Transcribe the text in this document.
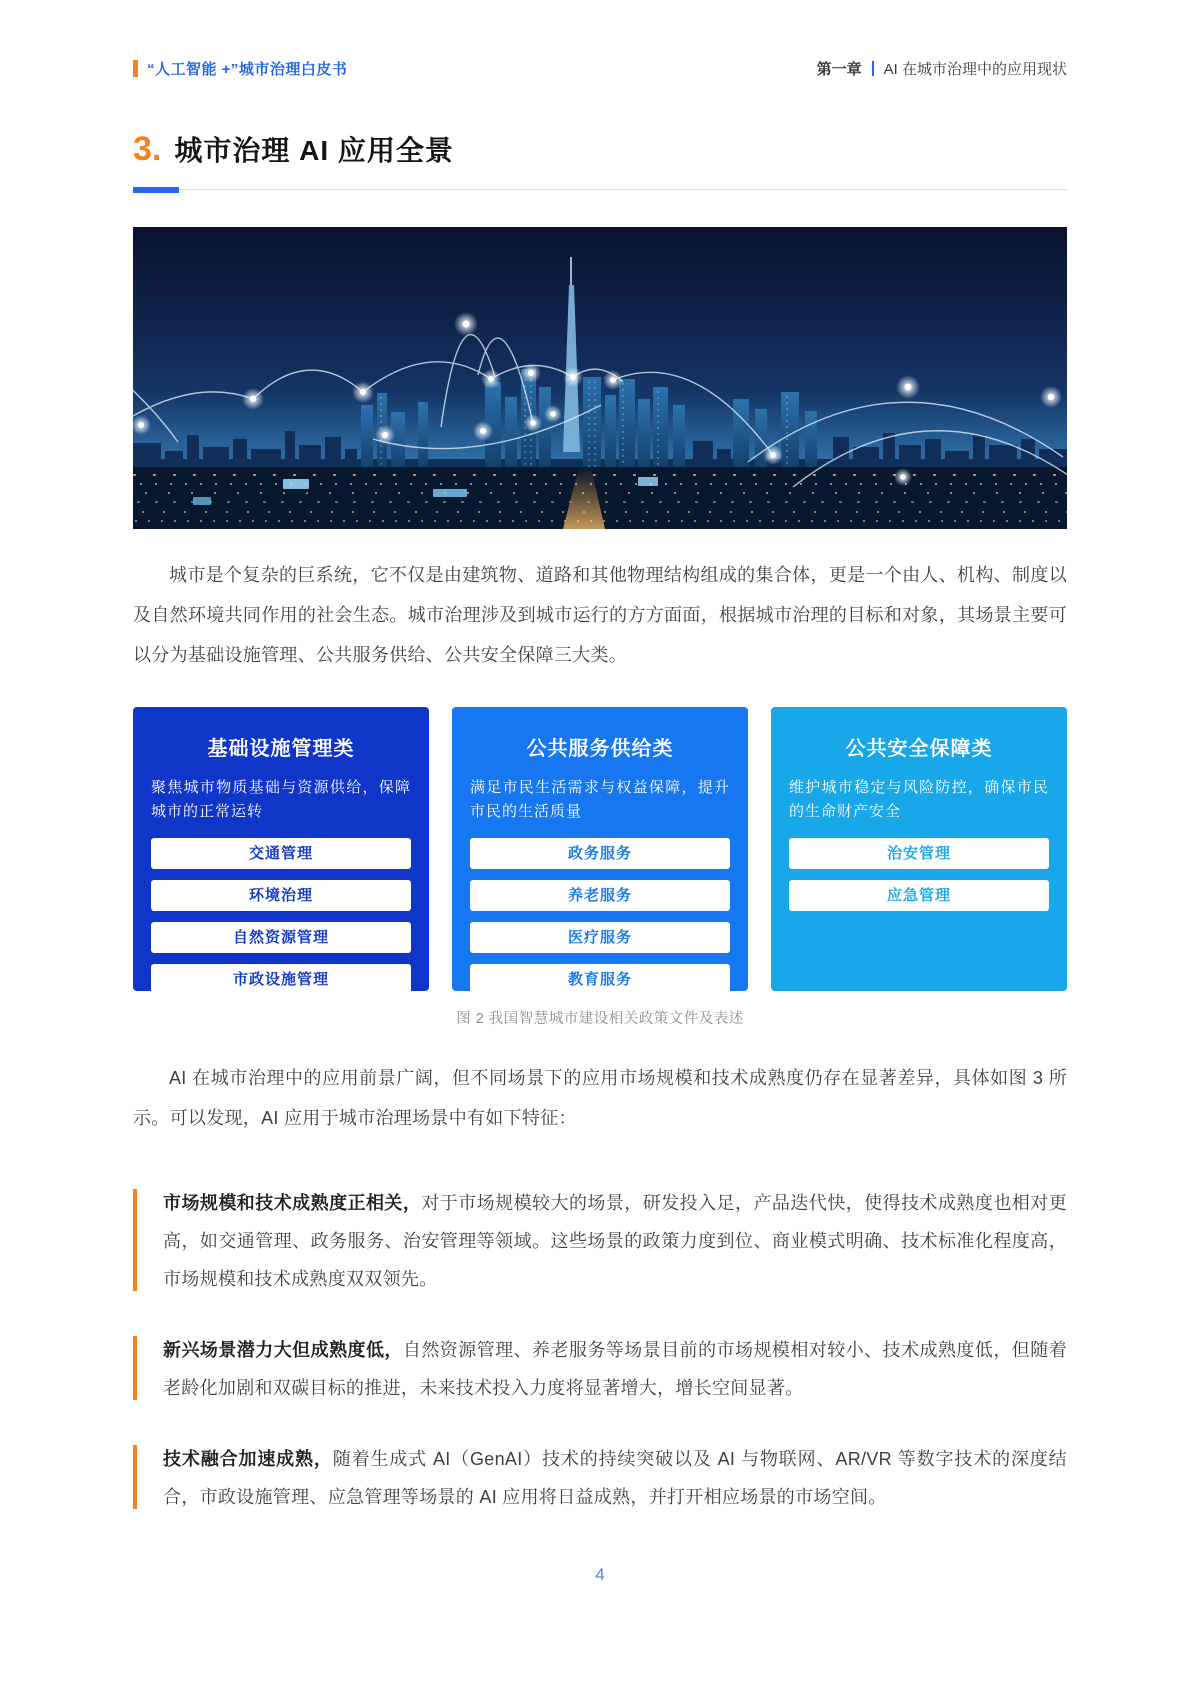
“人工智能 +”城市治理白皮书	第一章 AI 在城市治理中的应用现状
3. 城市治理 AI 应用全景

城市是个复杂的巨系统，它不仅是由建筑物、道路和其他物理结构组成的集合体，更是一个由人、机构、制度以及自然环境共同作用的社会生态。城市治理涉及到城市运行的方方面面，根据城市治理的目标和对象，其场景主要可以分为基础设施管理、公共服务供给、公共安全保障三大类。

基础设施管理类
聚焦城市物质基础与资源供给，保障城市的正常运转
交通管理
环境治理
自然资源管理
市政设施管理
公共服务供给类
满足市民生活需求与权益保障，提升市民的生活质量
政务服务
养老服务
医疗服务
教育服务
公共安全保障类
维护城市稳定与风险防控，确保市民的生命财产安全
治安管理
应急管理
图 2 我国智慧城市建设相关政策文件及表述

AI 在城市治理中的应用前景广阔，但不同场景下的应用市场规模和技术成熟度仍存在显著差异，具体如图 3 所示。可以发现，AI 应用于城市治理场景中有如下特征：

市场规模和技术成熟度正相关，对于市场规模较大的场景，研发投入足，产品迭代快，使得技术成熟度也相对更高，如交通管理、政务服务、治安管理等领域。这些场景的政策力度到位、商业模式明确、技术标准化程度高，市场规模和技术成熟度双双领先。
新兴场景潜力大但成熟度低，自然资源管理、养老服务等场景目前的市场规模相对较小、技术成熟度低，但随着老龄化加剧和双碳目标的推进，未来技术投入力度将显著增大，增长空间显著。
技术融合加速成熟，随着生成式 AI（GenAI）技术的持续突破以及 AI 与物联网、AR/VR 等数字技术的深度结合，市政设施管理、应急管理等场景的 AI 应用将日益成熟，并打开相应场景的市场空间。
4
